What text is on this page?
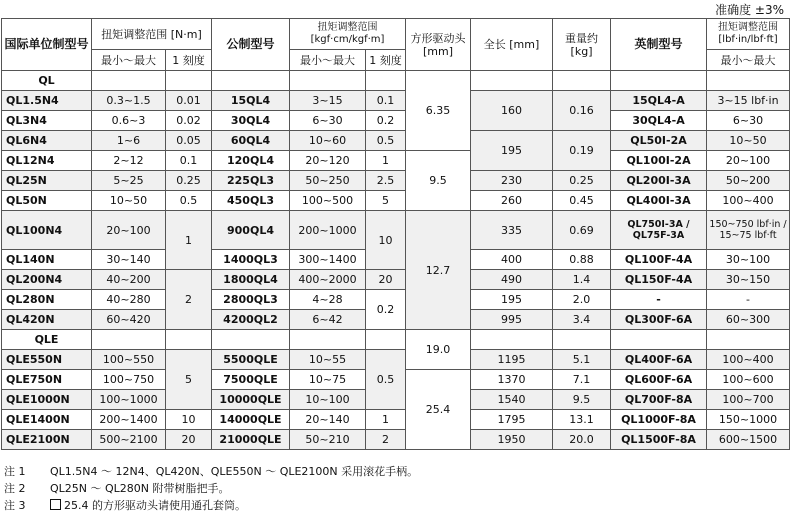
准确度 ±3%
国际单位制型号	扭矩调整范围 [N·m]		公制型号	扭矩调整范围 [kgf·cm/kgf·m]		方形驱动头 [mm]	全长 [mm]	重量约 [kg]	英制型号	扭矩调整范围 [lbf·in/lbf·ft]
	最小～最大	1 刻度		最小～最大	1 刻度					最小～最大
QL						6.35				
QL1.5N4	0.3~1.5	0.01	15QL4	3~15	0.1		160	0.16	15QL4-A	3~15 lbf·in
QL3N4	0.6~3	0.02	30QL4	6~30	0.2				30QL4-A	6~30
QL6N4	1~6	0.05	60QL4	10~60	0.5		195	0.19	QL50I-2A	10~50
QL12N4	2~12	0.1	120QL4	20~120	1	9.5			QL100I-2A	20~100
QL25N	5~25	0.25	225QL3	50~250	2.5		230	0.25	QL200I-3A	50~200
QL50N	10~50	0.5	450QL3	100~500	5		260	0.45	QL400I-3A	100~400
QL100N4	20~100	1	900QL4	200~1000	10	12.7	335	0.69	QL750I-3A / QL75F-3A	150~750 lbf·in / 15~75 lbf·ft
QL140N	30~140		1400QL3	300~1400			400	0.88	QL100F-4A	30~100
QL200N4	40~200	2	1800QL4	400~2000	20		490	1.4	QL150F-4A	30~150
QL280N	40~280		2800QL3	4~28	0.2		195	2.0	-	-
QL420N	60~420		4200QL2	6~42			995	3.4	QL300F-6A	60~300
QLE						19.0				
QLE550N	100~550	5	5500QLE	10~55	0.5		1195	5.1	QL400F-6A	100~400
QLE750N	100~750		7500QLE	10~75		25.4	1370	7.1	QL600F-6A	100~600
QLE1000N	100~1000		10000QLE	10~100			1540	9.5	QL700F-8A	100~700
QLE1400N	200~1400	10	14000QLE	20~140	1		1795	13.1	QL1000F-8A	150~1000
QLE2100N	500~2100	20	21000QLE	50~210	2		1950	20.0	QL1500F-8A	600~1500
注 1	QL1.5N4 ～ 12N4、QL420N、QLE550N ～ QLE2100N 采用滚花手柄。
注 2	QL25N ～ QL280N 附带树脂把手。
注 3	25.4 的方形驱动头请使用通孔套筒。
